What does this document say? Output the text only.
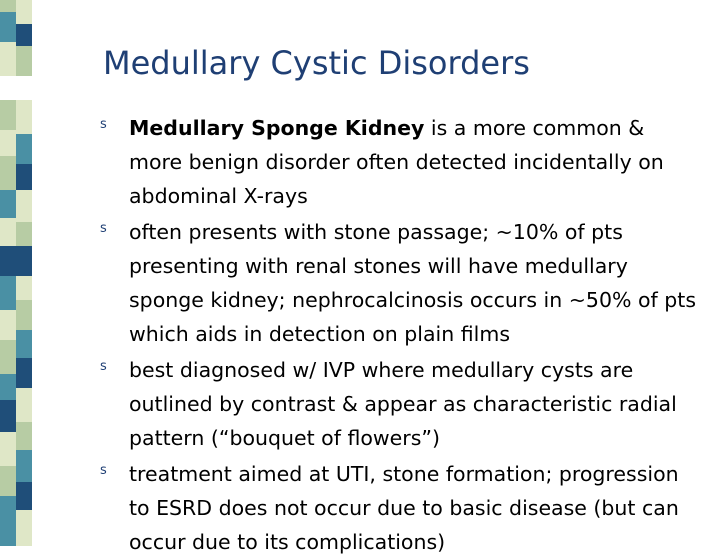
Medullary Cystic Disorders
s Medullary Sponge Kidney is a more common & more benign disorder often detected incidentally on abdominal X-rays
s often presents with stone passage; ~10% of pts presenting with renal stones will have medullary sponge kidney; nephrocalcinosis occurs in ~50% of pts which aids in detection on plain films
s best diagnosed w/ IVP where medullary cysts are outlined by contrast & appear as characteristic radial pattern (“bouquet of flowers”)
s treatment aimed at UTI, stone formation; progression to ESRD does not occur due to basic disease (but can occur due to its complications)
